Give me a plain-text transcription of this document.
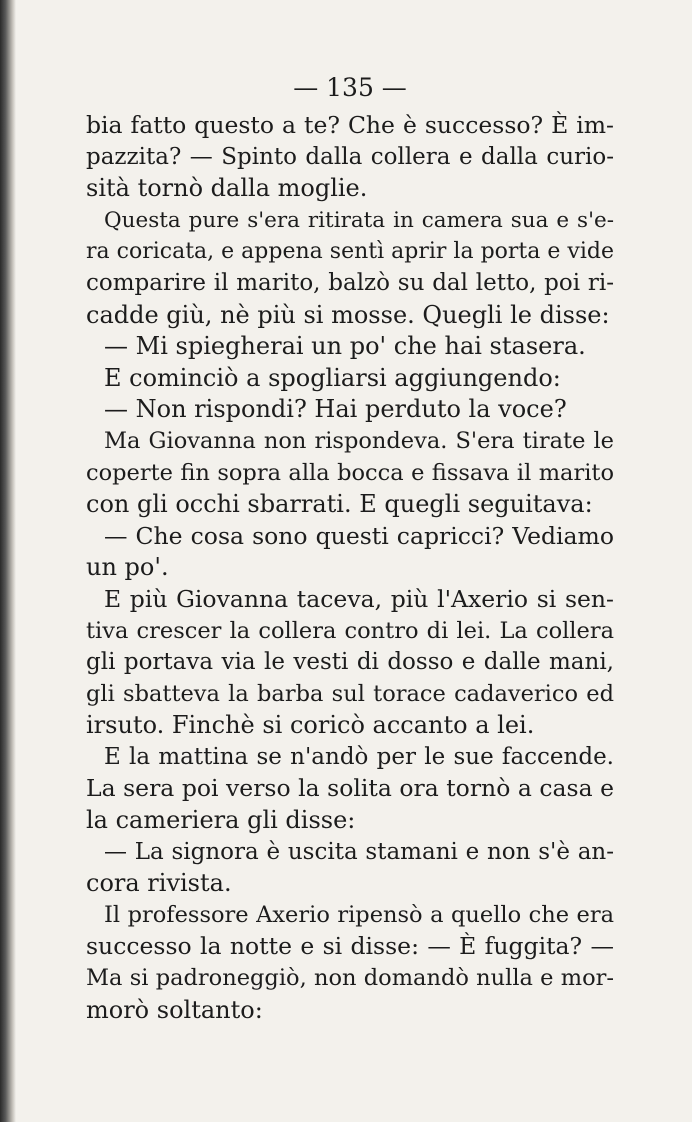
— 135 —
bia fatto questo a te? Che è successo? È im-
pazzita? — Spinto dalla collera e dalla curio-
sità tornò dalla moglie.
Questa pure s'era ritirata in camera sua e s'e-
ra coricata, e appena sentì aprir la porta e vide
comparire il marito, balzò su dal letto, poi ri-
cadde giù, nè più si mosse. Quegli le disse:
— Mi spiegherai un po' che hai stasera.
E cominciò a spogliarsi aggiungendo:
— Non rispondi? Hai perduto la voce?
Ma Giovanna non rispondeva. S'era tirate le
coperte fin sopra alla bocca e fissava il marito
con gli occhi sbarrati. E quegli seguitava:
— Che cosa sono questi capricci? Vediamo
un po'.
E più Giovanna taceva, più l'Axerio si sen-
tiva crescer la collera contro di lei. La collera
gli portava via le vesti di dosso e dalle mani,
gli sbatteva la barba sul torace cadaverico ed
irsuto. Finchè si coricò accanto a lei.
E la mattina se n'andò per le sue faccende.
La sera poi verso la solita ora tornò a casa e
la cameriera gli disse:
— La signora è uscita stamani e non s'è an-
cora rivista.
Il professore Axerio ripensò a quello che era
successo la notte e si disse: — È fuggita? —
Ma si padroneggiò, non domandò nulla e mor-
morò soltanto:
